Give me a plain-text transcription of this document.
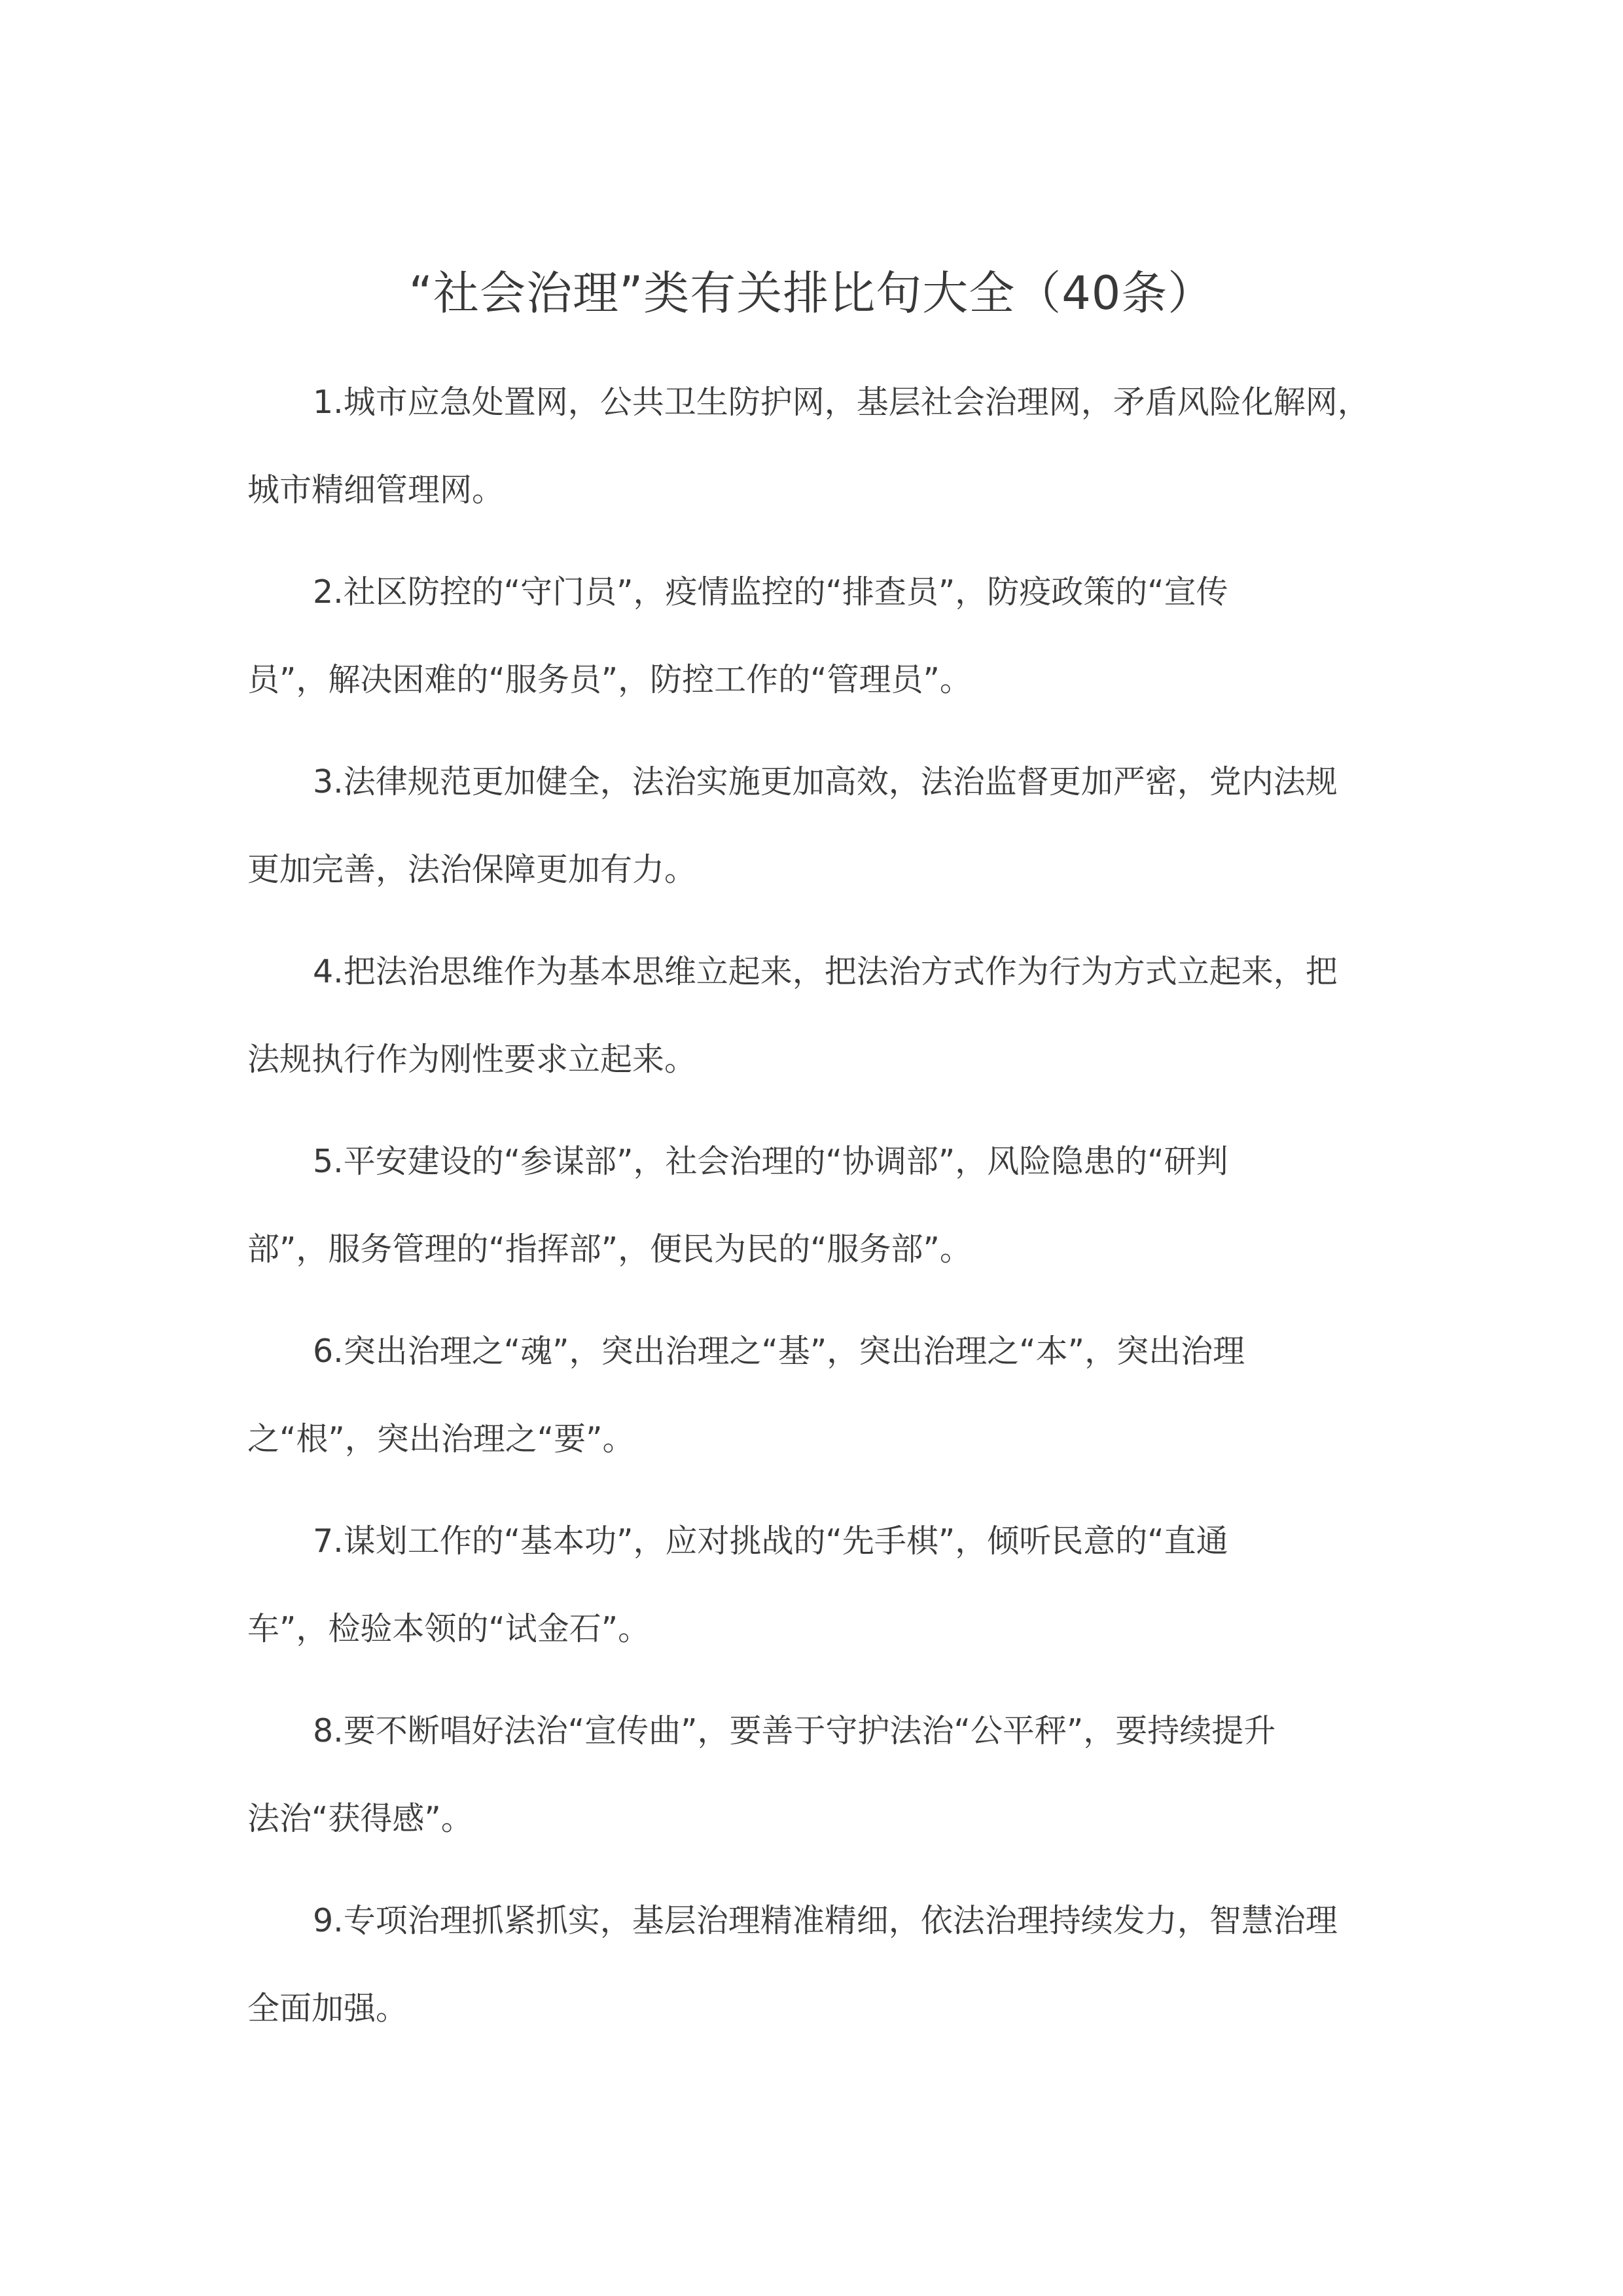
“社会治理”类有关排比句大全（40条）
1.城市应急处置网，公共卫生防护网，基层社会治理网，矛盾风险化解网，
城市精细管理网。
2.社区防控的“守门员”，疫情监控的“排查员”，防疫政策的“宣传
员”，解决困难的“服务员”，防控工作的“管理员”。
3.法律规范更加健全，法治实施更加高效，法治监督更加严密，党内法规
更加完善，法治保障更加有力。
4.把法治思维作为基本思维立起来，把法治方式作为行为方式立起来，把
法规执行作为刚性要求立起来。
5.平安建设的“参谋部”，社会治理的“协调部”，风险隐患的“研判
部”，服务管理的“指挥部”，便民为民的“服务部”。
6.突出治理之“魂”，突出治理之“基”，突出治理之“本”，突出治理
之“根”，突出治理之“要”。
7.谋划工作的“基本功”，应对挑战的“先手棋”，倾听民意的“直通
车”，检验本领的“试金石”。
8.要不断唱好法治“宣传曲”，要善于守护法治“公平秤”，要持续提升
法治“获得感”。
9.专项治理抓紧抓实，基层治理精准精细，依法治理持续发力，智慧治理
全面加强。
